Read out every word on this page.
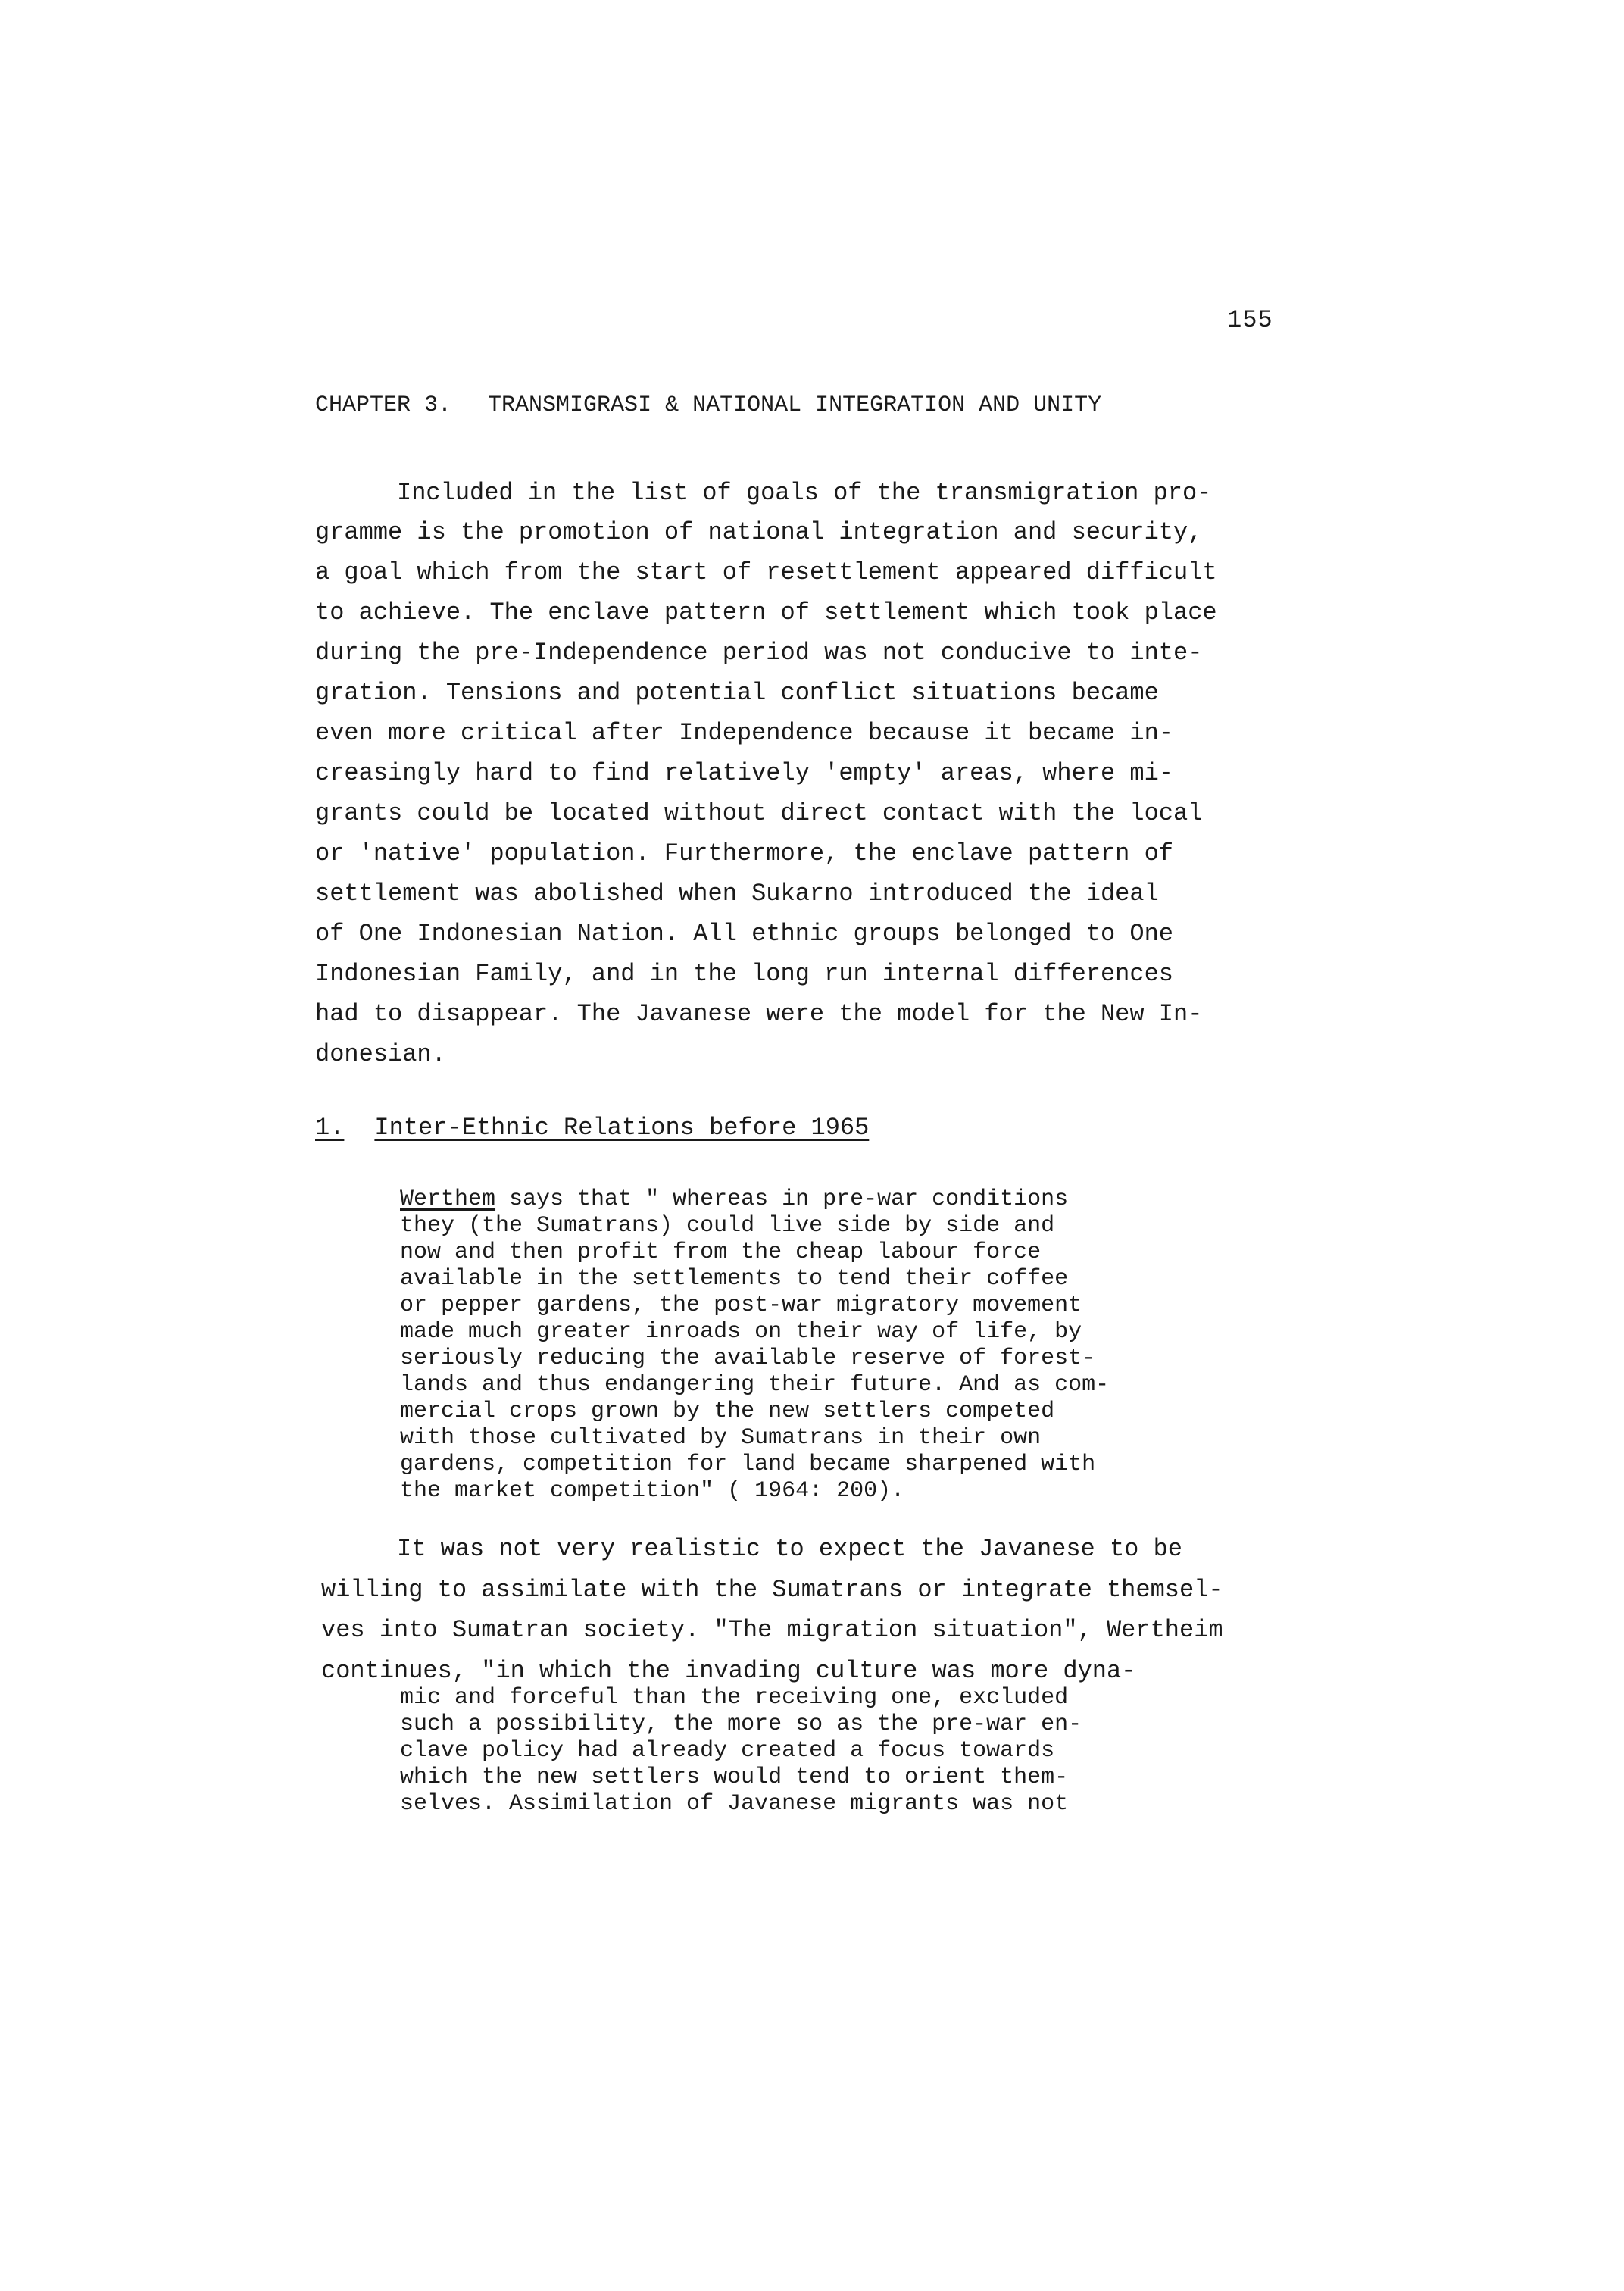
155
CHAPTER 3. TRANSMIGRASI & NATIONAL INTEGRATION AND UNITY
Included in the list of goals of the transmigration pro-
gramme is the promotion of national integration and security,
a goal which from the start of resettlement appeared difficult
to achieve. The enclave pattern of settlement which took place
during the pre-Independence period was not conducive to inte-
gration. Tensions and potential conflict situations became
even more critical after Independence because it became in-
creasingly hard to find relatively 'empty' areas, where mi-
grants could be located without direct contact with the local
or 'native' population. Furthermore, the enclave pattern of
settlement was abolished when Sukarno introduced the ideal
of One Indonesian Nation. All ethnic groups belonged to One
Indonesian Family, and in the long run internal differences
had to disappear. The Javanese were the model for the New In-
donesian.
1. Inter-Ethnic Relations before 1965
Werthem says that " whereas in pre-war conditions
they (the Sumatrans) could live side by side and
now and then profit from the cheap labour force
available in the settlements to tend their coffee
or pepper gardens, the post-war migratory movement
made much greater inroads on their way of life, by
seriously reducing the available reserve of forest-
lands and thus endangering their future. And as com-
mercial crops grown by the new settlers competed
with those cultivated by Sumatrans in their own
gardens, competition for land became sharpened with
the market competition" ( 1964: 200).
It was not very realistic to expect the Javanese to be
willing to assimilate with the Sumatrans or integrate themsel-
ves into Sumatran society. "The migration situation", Wertheim
continues, "in which the invading culture was more dyna-
mic and forceful than the receiving one, excluded
such a possibility, the more so as the pre-war en-
clave policy had already created a focus towards
which the new settlers would tend to orient them-
selves. Assimilation of Javanese migrants was not
